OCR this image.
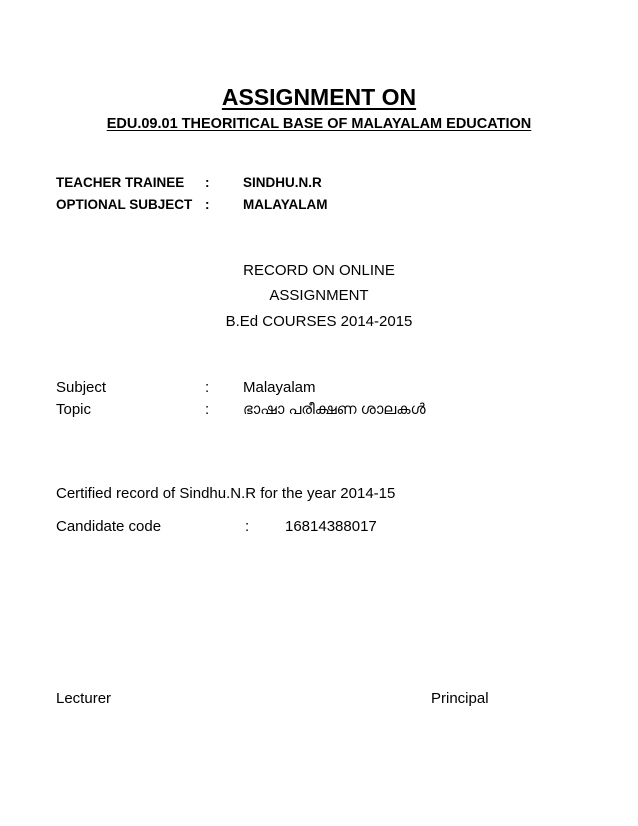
ASSIGNMENT ON
EDU.09.01 THEORITICAL BASE OF MALAYALAM EDUCATION
TEACHER TRAINEE : SINDHU.N.R
OPTIONAL SUBJECT : MALAYALAM
RECORD ON ONLINE
ASSIGNMENT
B.Ed COURSES 2014-2015
Subject	: Malayalam
Topic	: ഭാഷാ പരീക്ഷണ ശാലകൾ
Certified record of Sindhu.N.R for the year 2014-15
Candidate code	: 16814388017
Lecturer	Principal
